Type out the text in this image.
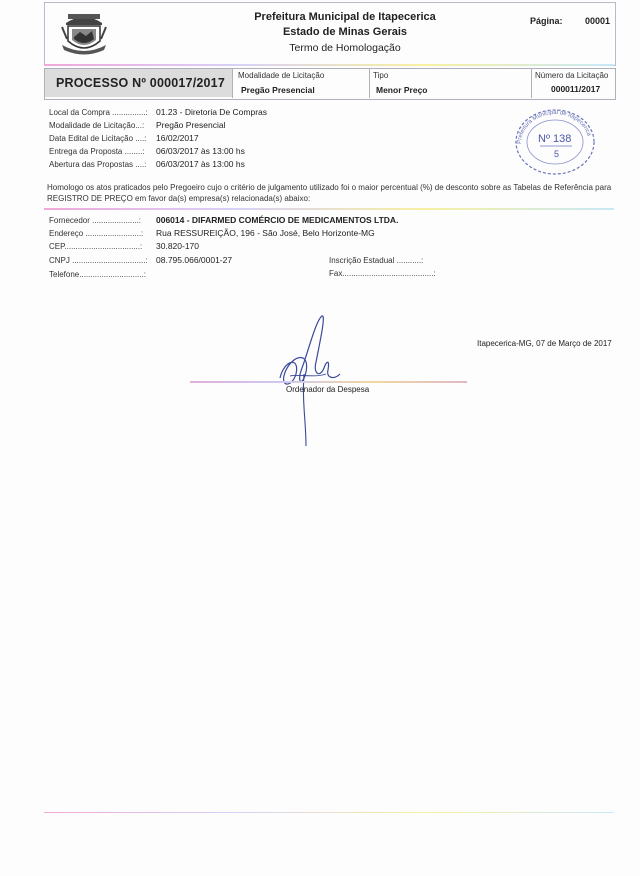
Prefeitura Municipal de Itapecerica
Estado de Minas Gerais
Termo de Homologação
Página: 00001
PROCESSO Nº 000017/2017
Modalidade de Licitação
Pregão Presencial
Tipo
Menor Preço
Número da Licitação
000011/2017
Local da Compra ...............: 01.23 - Diretoria De Compras
Modalidade de Licitação...: Pregão Presencial
Data Edital de Licitação ....: 16/02/2017
Entrega da Proposta ........: 06/03/2017 às 13:00 hs
Abertura das Propostas ....: 06/03/2017 às 13:00 hs
Prefeitura Municipal de Itapecerica
Nº 138
5
Homologo os atos praticados pelo Pregoeiro cujo o critério de julgamento utilizado foi o maior percentual (%) de desconto sobre as Tabelas de Referência para REGISTRO DE PREÇO em favor da(s) empresa(s) relacionada(s) abaixo:
Fornecedor .....................: 006014 - DIFARMED COMÉRCIO DE MEDICAMENTOS LTDA.
Endereço .........................: Rua RESSUREIÇÃO, 196 - São José, Belo Horizonte-MG
CEP..................................: 30.820-170
CNPJ .................................: 08.795.066/0001-27	Inscrição Estadual ...........:
Telefone.............................:	Fax.........................................:
Itapecerica-MG, 07 de Março de 2017
Ordenador da Despesa
